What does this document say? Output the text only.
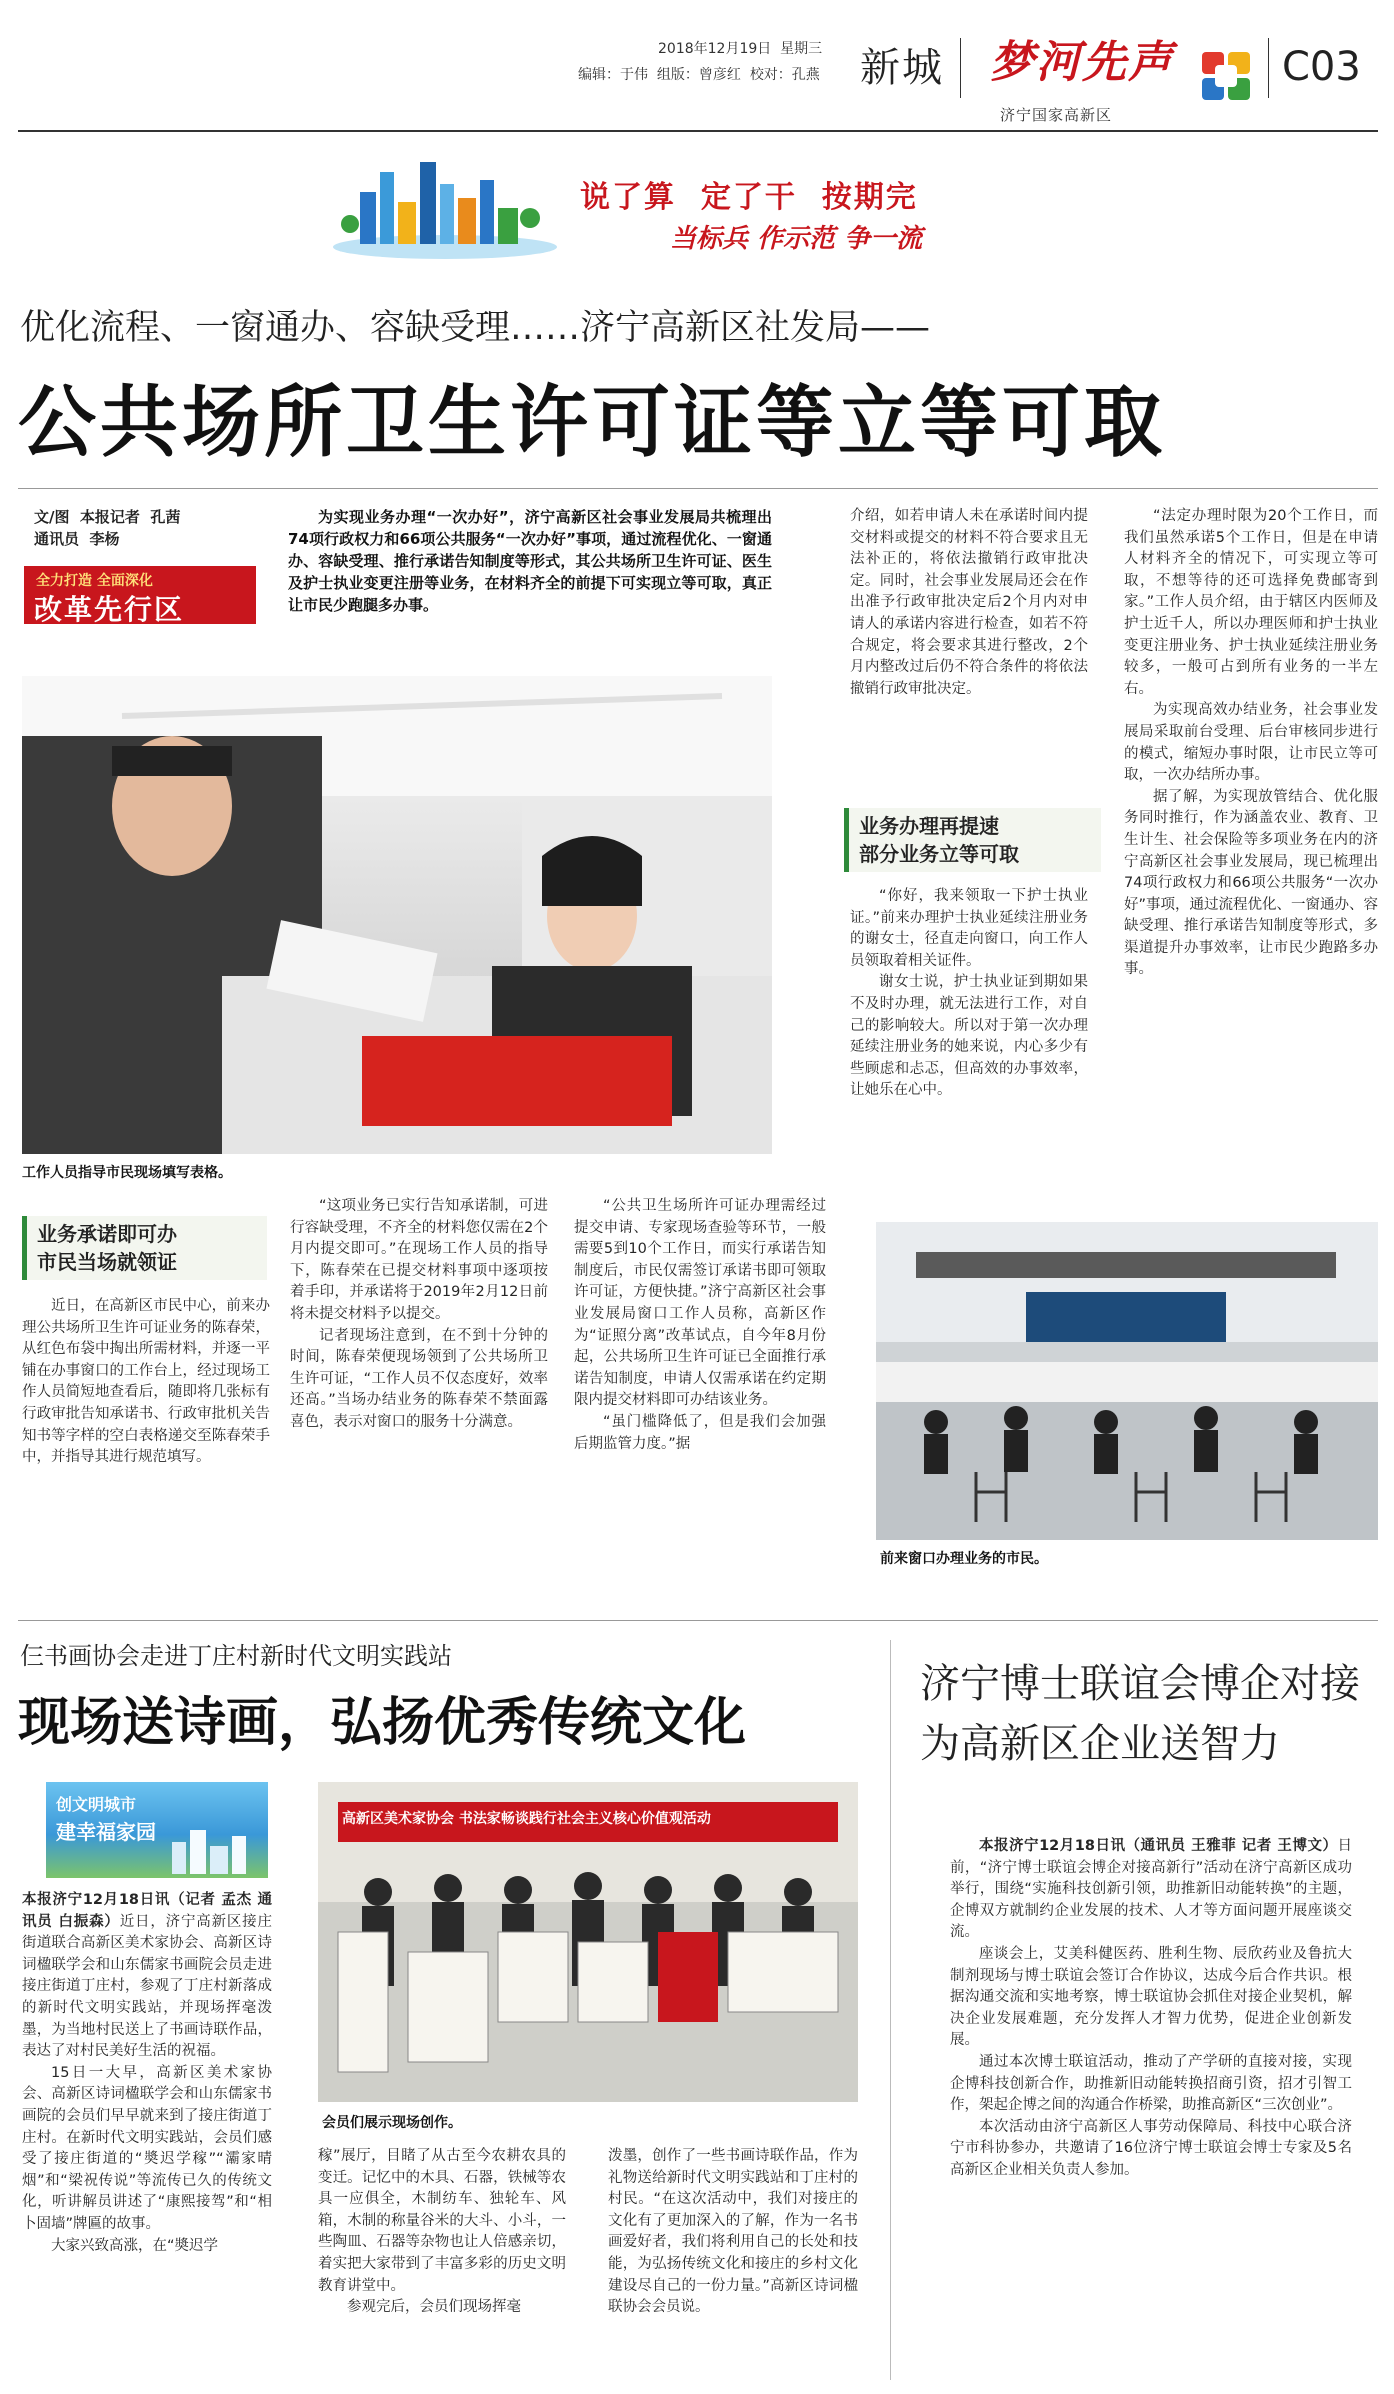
2018年12月19日 星期三
编辑：于伟 组版：曾彦红 校对：孔燕 新城 梦河先声
济宁国家高新区
C03
说了算  定了干  按期完
当标兵 作示范 争一流
优化流程、一窗通办、容缺受理……济宁高新区社发局——
公共场所卫生许可证等立等可取
文/图  本报记者  孔茜
通讯员  李杨
全力打造 全面深化
改革先行区

为实现业务办理“一次办好”，济宁高新区社会事业发展局共梳理出74项行政权力和66项公共服务“一次办好”事项，通过流程优化、一窗通办、容缺受理、推行承诺告知制度等形式，其公共场所卫生许可证、医生及护士执业变更注册等业务，在材料齐全的前提下可实现立等可取，真正让市民少跑腿多办事。

工作人员指导市民现场填写表格。
业务承诺即可办
市民当场就领证

近日，在高新区市民中心，前来办理公共场所卫生许可证业务的陈春荣，从红色布袋中掏出所需材料，并逐一平铺在办事窗口的工作台上，经过现场工作人员简短地查看后，随即将几张标有行政审批告知承诺书、行政审批机关告知书等字样的空白表格递交至陈春荣手中，并指导其进行规范填写。

“这项业务已实行告知承诺制，可进行容缺受理，不齐全的材料您仅需在2个月内提交即可。”在现场工作人员的指导下，陈春荣在已提交材料事项中逐项按着手印，并承诺将于2019年2月12日前将未提交材料予以提交。

记者现场注意到，在不到十分钟的时间，陈春荣便现场领到了公共场所卫生许可证，“工作人员不仅态度好，效率还高。”当场办结业务的陈春荣不禁面露喜色，表示对窗口的服务十分满意。

“公共卫生场所许可证办理需经过提交申请、专家现场查验等环节，一般需要5到10个工作日，而实行承诺告知制度后，市民仅需签订承诺书即可领取许可证，方便快捷。”济宁高新区社会事业发展局窗口工作人员称，高新区作为“证照分离”改革试点，自今年8月份起，公共场所卫生许可证已全面推行承诺告知制度，申请人仅需承诺在约定期限内提交材料即可办结该业务。

“虽门槛降低了，但是我们会加强后期监管力度。”据

介绍，如若申请人未在承诺时间内提交材料或提交的材料不符合要求且无法补正的，将依法撤销行政审批决定。同时，社会事业发展局还会在作出准予行政审批决定后2个月内对申请人的承诺内容进行检查，如若不符合规定，将会要求其进行整改，2个月内整改过后仍不符合条件的将依法撤销行政审批决定。

业务办理再提速
部分业务立等可取

“你好，我来领取一下护士执业证。”前来办理护士执业延续注册业务的谢女士，径直走向窗口，向工作人员领取着相关证件。

谢女士说，护士执业证到期如果不及时办理，就无法进行工作，对自己的影响较大。所以对于第一次办理延续注册业务的她来说，内心多少有些顾虑和忐忑，但高效的办事效率，让她乐在心中。

“法定办理时限为20个工作日，而我们虽然承诺5个工作日，但是在申请人材料齐全的情况下，可实现立等可取，不想等待的还可选择免费邮寄到家。”工作人员介绍，由于辖区内医师及护士近千人，所以办理医师和护士执业变更注册业务、护士执业延续注册业务较多，一般可占到所有业务的一半左右。

为实现高效办结业务，社会事业发展局采取前台受理、后台审核同步进行的模式，缩短办事时限，让市民立等可取，一次办结所办事。

据了解，为实现放管结合、优化服务同时推行，作为涵盖农业、教育、卫生计生、社会保险等多项业务在内的济宁高新区社会事业发展局，现已梳理出74项行政权力和66项公共服务“一次办好”事项，通过流程优化、一窗通办、容缺受理、推行承诺告知制度等形式，多渠道提升办事效率，让市民少跑路多办事。

前来窗口办理业务的市民。
仨书画协会走进丁庄村新时代文明实践站
现场送诗画，弘扬优秀传统文化
创文明城市
建幸福家园

本报济宁12月18日讯（记者 孟杰 通讯员 白振森）近日，济宁高新区接庄街道联合高新区美术家协会、高新区诗词楹联学会和山东儒家书画院会员走进接庄街道丁庄村，参观了丁庄村新落成的新时代文明实践站，并现场挥毫泼墨，为当地村民送上了书画诗联作品，表达了对村民美好生活的祝福。

15日一大早，高新区美术家协会、高新区诗词楹联学会和山东儒家书画院的会员们早早就来到了接庄街道丁庄村。在新时代文明实践站，会员们感受了接庄街道的“奬迟学稼”“灞家晴烟”和“梁祝传说”等流传已久的传统文化，听讲解员讲述了“康熙接驾”和“相卜固墙”牌匾的故事。

大家兴致高涨，在“奬迟学

高新区美术家协会 书法家畅谈践行社会主义核心价值观活动
会员们展示现场创作。

稼”展厅，目睹了从古至今农耕农具的变迁。记忆中的木具、石器，铁械等农具一应俱全，木制纺车、独轮车、风箱，木制的称量谷米的大斗、小斗，一些陶皿、石器等杂物也让人倍感亲切，着实把大家带到了丰富多彩的历史文明教育讲堂中。

参观完后，会员们现场挥毫

泼墨，创作了一些书画诗联作品，作为礼物送给新时代文明实践站和丁庄村的村民。“在这次活动中，我们对接庄的文化有了更加深入的了解，作为一名书画爱好者，我们将利用自己的长处和技能，为弘扬传统文化和接庄的乡村文化建设尽自己的一份力量。”高新区诗词楹联协会会员说。

济宁博士联谊会博企对接
为高新区企业送智力

本报济宁12月18日讯（通讯员 王雅菲 记者 王博文）日前，“济宁博士联谊会博企对接高新行”活动在济宁高新区成功举行，围绕“实施科技创新引领，助推新旧动能转换”的主题，企博双方就制约企业发展的技术、人才等方面问题开展座谈交流。

座谈会上，艾美科健医药、胜利生物、辰欣药业及鲁抗大制剂现场与博士联谊会签订合作协议，达成今后合作共识。根据沟通交流和实地考察，博士联谊协会抓住对接企业契机，解决企业发展难题，充分发挥人才智力优势，促进企业创新发展。

通过本次博士联谊活动，推动了产学研的直接对接，实现企博科技创新合作，助推新旧动能转换招商引资，招才引智工作，架起企博之间的沟通合作桥梁，助推高新区“三次创业”。

本次活动由济宁高新区人事劳动保障局、科技中心联合济宁市科协参办，共邀请了16位济宁博士联谊会博士专家及5名高新区企业相关负责人参加。
